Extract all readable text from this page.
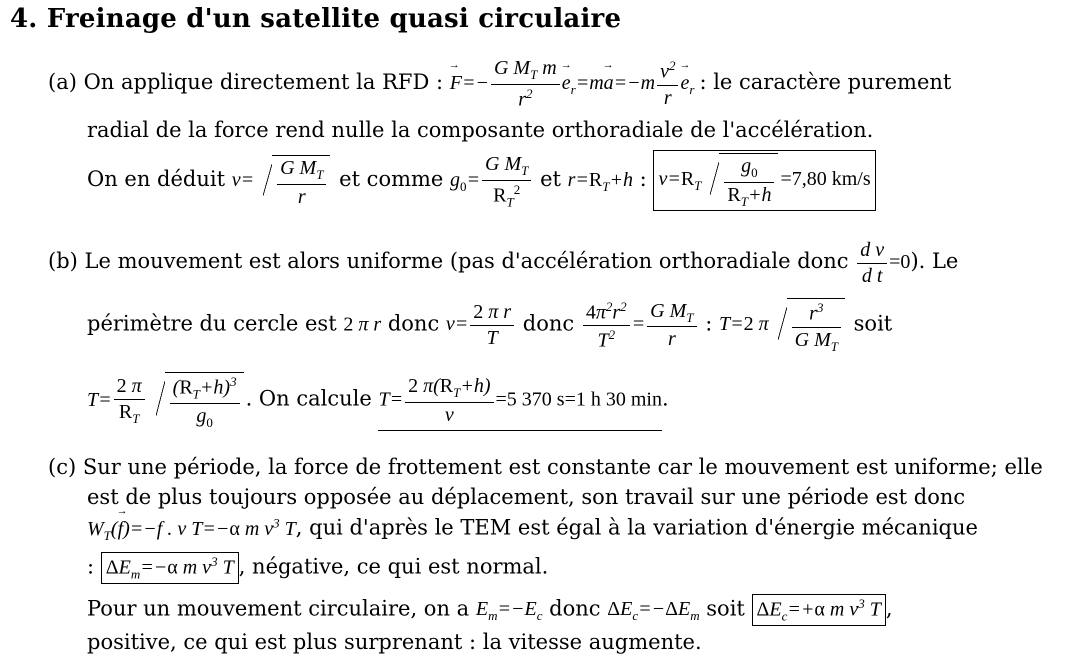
4. Freinage d'un satellite quasi circulaire
(a) On applique directement la RFD : F →=− $\frac{G M_T m}{r^2}$ $e \to_r=ma \to=-m \frac{v^2}{r}$ $e \to_r$ : le caractère purement
radial de la force rend nulle la composante orthoradiale de l'accélération.
On en déduit $v= \frac{G M_T}{r}$ et comme $g_0= \frac{G M_T}{R_T^2}$ et $r=R_T+h$ : $v=R_T \frac{g_0}{R_T+h} =7,80$ km/s
(b) Le mouvement est alors uniforme (pas d'accélération orthoradiale donc $\frac{\text{d v}}{\text{d t}} =0$). Le
périmètre du cercle est 2 π r donc $v= \frac{\text{2 π r}}{T}$ donc $\frac{4\pi^2r^2}{T^2} = \frac{G M_T}{r}$ : T=2 π $\frac{r^3}{G M_T}$ soit
$T= \frac{2 \pi}{R_T} \frac{(R_T+h)^3}{g_0}$ . On calcule $T= \frac{2 \pi(R_T+h)}{v} =5$ 370 s=1 h 30 min.
(c) Sur une période, la force de frottement est constante car le mouvement est uniforme; elle
est de plus toujours opposée au déplacement, son travail sur une période est donc
$W_T(f \to)=-f$ . v T=−α m $v^3$ T, qui d'après le TEM est égal à la variation d'énergie mécanique
: $\Delta E_m=-\alpha$ m $v^3$ T , négative, ce qui est normal.
Pour un mouvement circulaire, on a $E_m=-E_c$ donc $\Delta E_c=-\Delta E_m$ soit $\Delta E_c=+\alpha$ m $v^3$ T ,
positive, ce qui est plus surprenant : la vitesse augmente.
